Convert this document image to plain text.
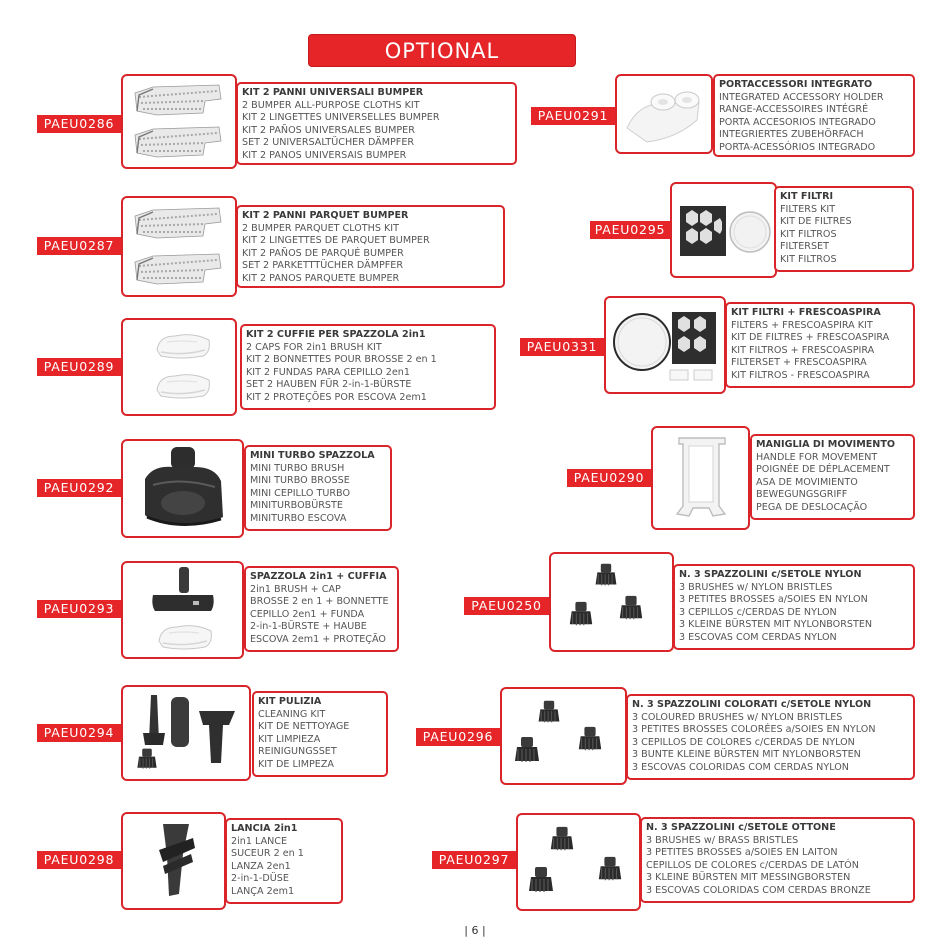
OPTIONAL
PAEU0286
KIT 2 PANNI UNIVERSALI BUMPER
2 BUMPER ALL-PURPOSE CLOTHS KIT
KIT 2 LINGETTES UNIVERSELLES BUMPER
KIT 2 PAÑOS UNIVERSALES BUMPER
SET 2 UNIVERSALTÜCHER DÄMPFER
KIT 2 PANOS UNIVERSAIS BUMPER
PAEU0287
KIT 2 PANNI PARQUET BUMPER
2 BUMPER PARQUET CLOTHS KIT
KIT 2 LINGETTES DE PARQUET BUMPER
KIT 2 PAÑOS DE PARQUÉ BUMPER
SET 2 PARKETTTÜCHER DÄMPFER
KIT 2 PANOS PARQUETE BUMPER
PAEU0289
KIT 2 CUFFIE PER SPAZZOLA 2in1
2 CAPS FOR 2in1 BRUSH KIT
KIT 2 BONNETTES POUR BROSSE 2 en 1
KIT 2 FUNDAS PARA CEPILLO 2en1
SET 2 HAUBEN FÜR 2-in-1-BÜRSTE
KIT 2 PROTEÇÕES POR ESCOVA 2em1
PAEU0292
MINI TURBO SPAZZOLA
MINI TURBO BRUSH
MINI TURBO BROSSE
MINI CEPILLO TURBO
MINITURBOBÜRSTE
MINITURBO ESCOVA
PAEU0293
SPAZZOLA 2in1 + CUFFIA
2in1 BRUSH + CAP
BROSSE 2 en 1 + BONNETTE
CEPILLO 2en1 + FUNDA
2-in-1-BÜRSTE + HAUBE
ESCOVA 2em1 + PROTEÇÃO
PAEU0294
KIT PULIZIA
CLEANING KIT
KIT DE NETTOYAGE
KIT LIMPIEZA
REINIGUNGSSET
KIT DE LIMPEZA
PAEU0298
LANCIA 2in1
2in1 LANCE
SUCEUR 2 en 1
LANZA 2en1
2-in-1-DÜSE
LANÇA 2em1
PAEU0291
PORTACCESSORI INTEGRATO
INTEGRATED ACCESSORY HOLDER
RANGE-ACCESSOIRES INTÉGRÉ
PORTA ACCESORIOS INTEGRADO
INTEGRIERTES ZUBEHÖRFACH
PORTA-ACESSÓRIOS INTEGRADO
PAEU0295
KIT FILTRI
FILTERS KIT
KIT DE FILTRES
KIT FILTROS
FILTERSET
KIT FILTROS
PAEU0331
KIT FILTRI + FRESCOASPIRA
FILTERS + FRESCOASPIRA KIT
KIT DE FILTRES + FRESCOASPIRA
KIT FILTROS + FRESCOASPIRA
FILTERSET + FRESCOASPIRA
KIT FILTROS - FRESCOASPIRA
PAEU0290
MANIGLIA DI MOVIMENTO
HANDLE FOR MOVEMENT
POIGNÉE DE DÉPLACEMENT
ASA DE MOVIMIENTO
BEWEGUNGSGRIFF
PEGA DE DESLOCAÇÃO
PAEU0250
N. 3 SPAZZOLINI c/SETOLE NYLON
3 BRUSHES w/ NYLON BRISTLES
3 PETITES BROSSES a/SOIES EN NYLON
3 CEPILLOS c/CERDAS DE NYLON
3 KLEINE BÜRSTEN MIT NYLONBORSTEN
3 ESCOVAS COM CERDAS NYLON
PAEU0296
N. 3 SPAZZOLINI COLORATI c/SETOLE NYLON
3 COLOURED BRUSHES w/ NYLON BRISTLES
3 PETITES BROSSES COLORÉES a/SOIES EN NYLON
3 CEPILLOS DE COLORES c/CERDAS DE NYLON
3 BUNTE KLEINE BÜRSTEN MIT NYLONBORSTEN
3 ESCOVAS COLORIDAS COM CERDAS NYLON
PAEU0297
N. 3 SPAZZOLINI c/SETOLE OTTONE
3 BRUSHES w/ BRASS BRISTLES
3 PETITES BROSSES a/SOIES EN LAITON
CEPILLOS DE COLORES c/CERDAS DE LATÓN
3 KLEINE BÜRSTEN MIT MESSINGBORSTEN
3 ESCOVAS COLORIDAS COM CERDAS BRONZE
| 6 |
